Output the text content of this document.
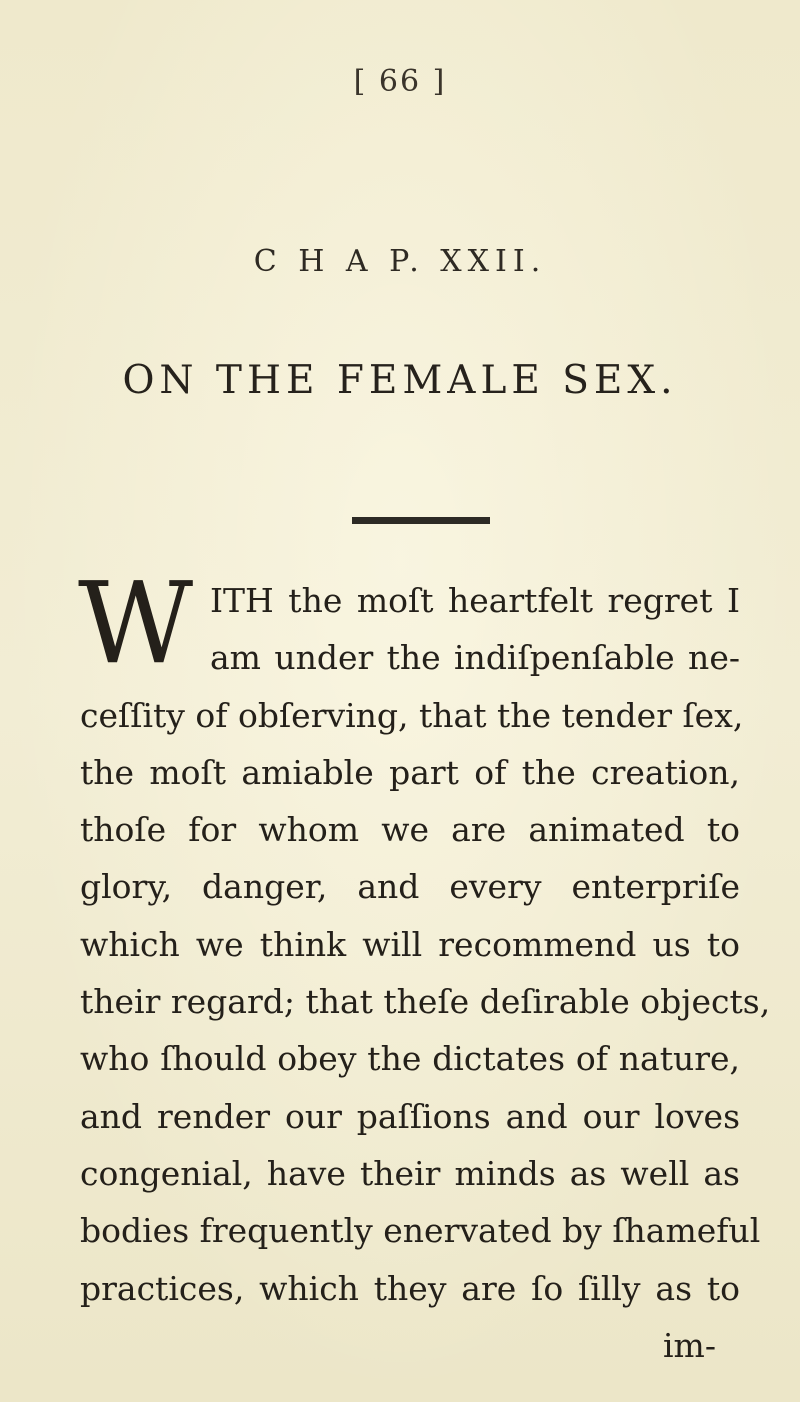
[ 66 ]
C H A P. XXII.
ON THE FEMALE SEX.
W ITH the moſt heartfelt regret I
am under the indiſpenſable ne-
ceſſity of obſerving, that the tender ſex,
the moſt amiable part of the creation,
thoſe for whom we are animated to
glory, danger, and every enterpriſe
which we think will recommend us to
their regard; that theſe deſirable objects,
who ſhould obey the dictates of nature,
and render our paſſions and our loves
congenial, have their minds as well as
bodies frequently enervated by ſhameful
practices, which they are ſo ſilly as to
im-
